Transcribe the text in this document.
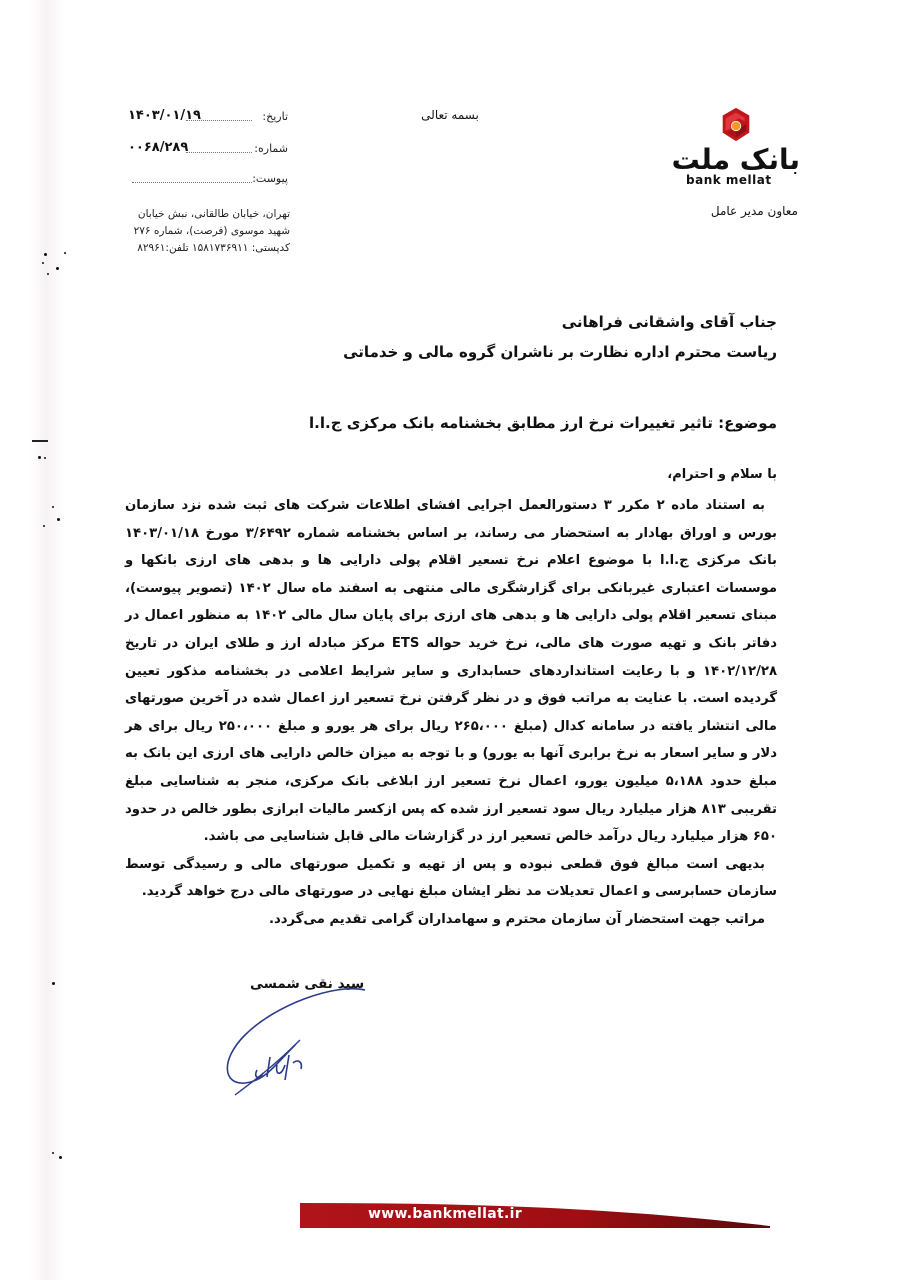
بانک ملت
bank mellat
معاون مدیر عامل
بسمه تعالی
تاریخ:
۱۴۰۳/۰۱/۱۹
شماره:
۰۰۶۸/۲۸۹
پیوست:
تهران، خیابان طالقانی، نبش خیابان
شهید موسوی (فرصت)، شماره ۲۷۶
کدپستی: ۱۵۸۱۷۳۶۹۱۱ تلفن:۸۲۹۶۱
جناب آقای واشقانی فراهانی
ریاست محترم اداره نظارت بر ناشران گروه مالی و خدماتی
موضوع: تاثیر تغییرات نرخ ارز مطابق بخشنامه بانک مرکزی ج.ا.ا
با سلام و احترام،

به استناد ماده ۲ مکرر ۳ دستورالعمل اجرایی افشای اطلاعات شرکت های ثبت شده نزد سازمان بورس و اوراق بهادار به استحضار می رساند، بر اساس بخشنامه شماره ۳/۶۴۹۲ مورخ ۱۴۰۳/۰۱/۱۸ بانک مرکزی ج.ا.ا با موضوع اعلام نرخ تسعیر اقلام پولی دارایی ها و بدهی های ارزی بانکها و موسسات اعتباری غیربانکی برای گزارشگری مالی منتهی به اسفند ماه سال ۱۴۰۲ (تصویر پیوست)، مبنای تسعیر اقلام پولی دارایی ها و بدهی های ارزی برای پایان سال مالی ۱۴۰۲ به منظور اعمال در دفاتر بانک و تهیه صورت های مالی، نرخ خرید حواله ETS مرکز مبادله ارز و طلای ایران در تاریخ ۱۴۰۲/۱۲/۲۸ و با رعایت استانداردهای حسابداری و سایر شرایط اعلامی در بخشنامه مذکور تعیین گردیده است. با عنایت به مراتب فوق و در نظر گرفتن نرخ تسعیر ارز اعمال شده در آخرین صورتهای مالی انتشار یافته در سامانه کدال (مبلغ ۲۶۵،۰۰۰ ریال برای هر یورو و مبلغ ۲۵۰،۰۰۰ ریال برای هر دلار و سایر اسعار به نرخ برابری آنها به یورو) و با توجه به میزان خالص دارایی های ارزی این بانک به مبلغ حدود ۵،۱۸۸ میلیون یورو، اعمال نرخ تسعیر ارز ابلاغی بانک مرکزی، منجر به شناسایی مبلغ تقریبی ۸۱۳ هزار میلیارد ریال سود تسعیر ارز شده که پس ازکسر مالیات ابرازی بطور خالص در حدود ۶۵۰ هزار میلیارد ریال درآمد خالص تسعیر ارز در گزارشات مالی قابل شناسایی می باشد.

بدیهی است مبالغ فوق قطعی نبوده و پس از تهیه و تکمیل صورتهای مالی و رسیدگی توسط سازمان حسابرسی و اعمال تعدیلات مد نظر ایشان مبلغ نهایی در صورتهای مالی درج خواهد گردید.

مراتب جهت استحضار آن سازمان محترم و سهامداران گرامی تقدیم می‌گردد.

سید نقی شمسی
www.bankmellat.ir
